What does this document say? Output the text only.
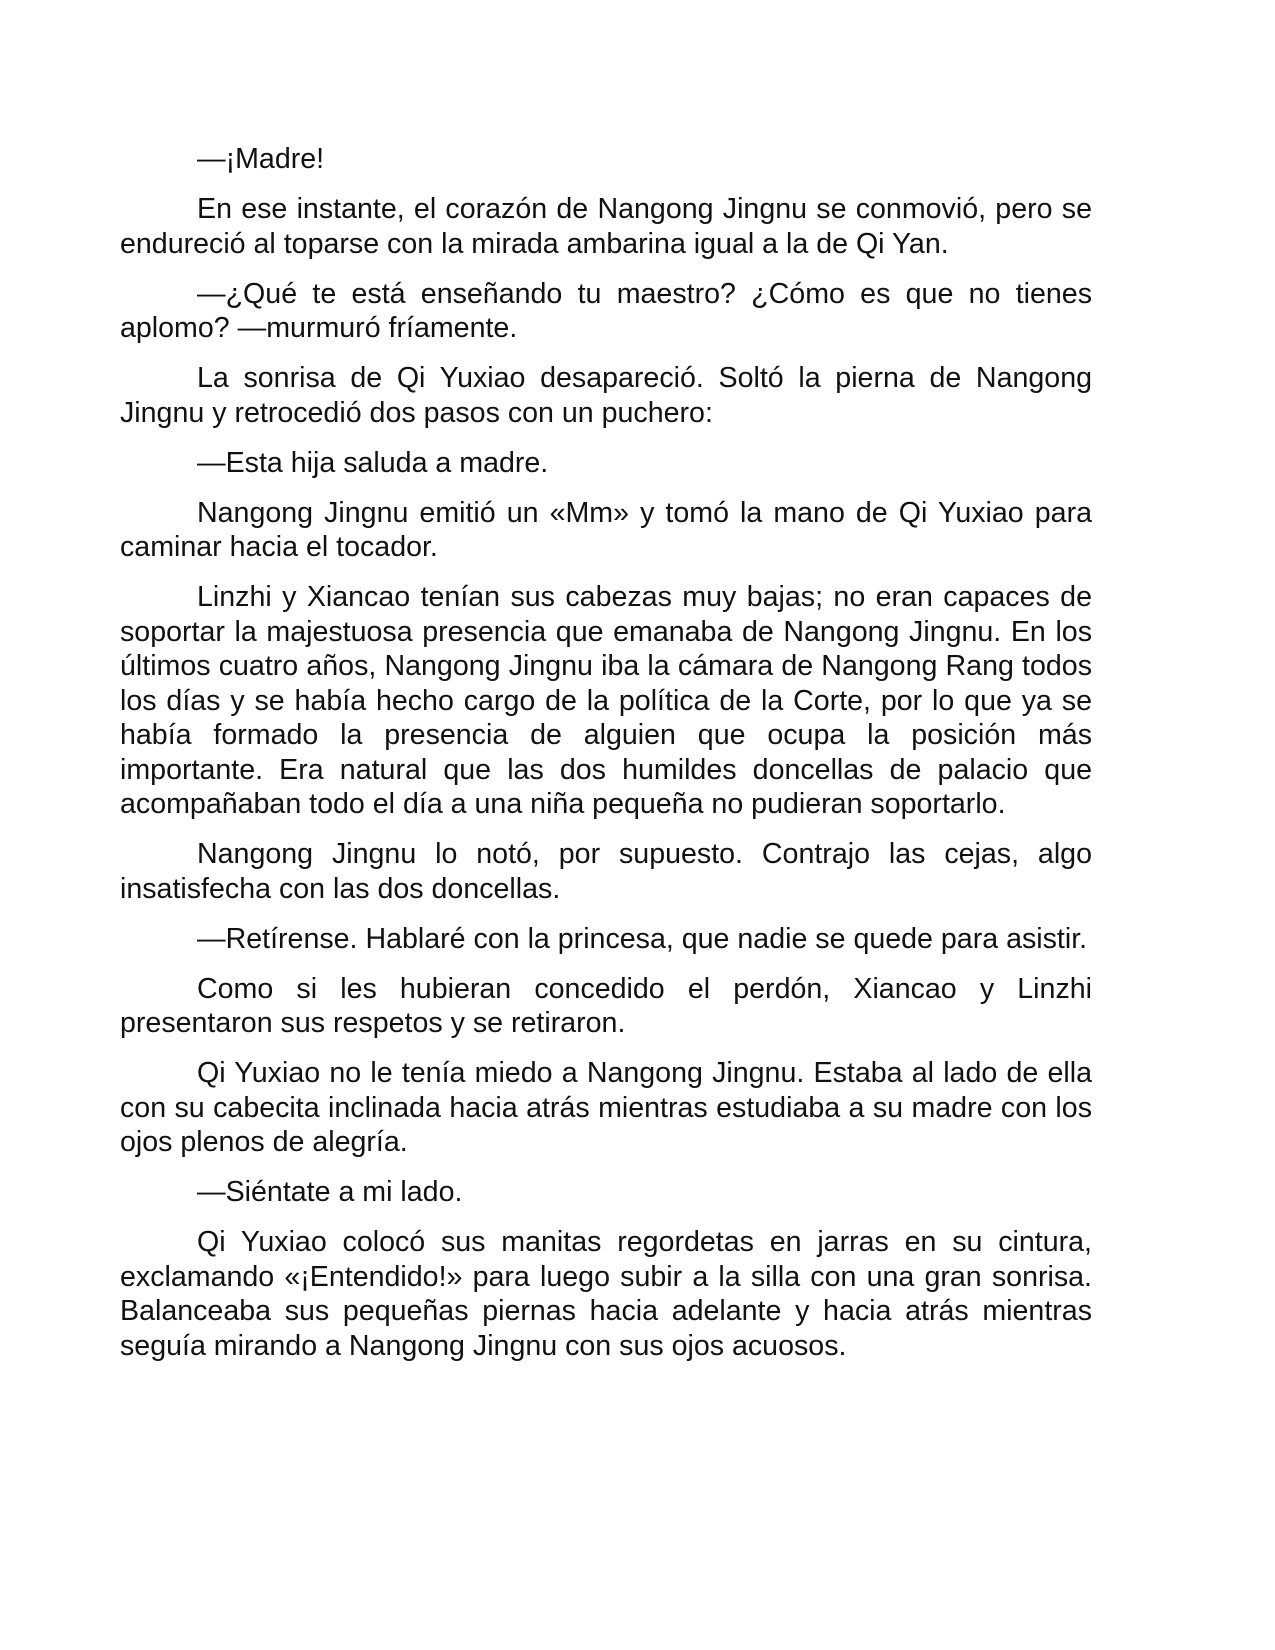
—¡Madre!

En ese instante, el corazón de Nangong Jingnu se conmovió, pero se endureció al toparse con la mirada ambarina igual a la de Qi Yan.

—¿Qué te está enseñando tu maestro? ¿Cómo es que no tienes aplomo? —murmuró fríamente.

La sonrisa de Qi Yuxiao desapareció. Soltó la pierna de Nangong Jingnu y retrocedió dos pasos con un puchero:

—Esta hija saluda a madre.

Nangong Jingnu emitió un «Mm» y tomó la mano de Qi Yuxiao para caminar hacia el tocador.

Linzhi y Xiancao tenían sus cabezas muy bajas; no eran capaces de soportar la majestuosa presencia que emanaba de Nangong Jingnu. En los últimos cuatro años, Nangong Jingnu iba la cámara de Nangong Rang todos los días y se había hecho cargo de la política de la Corte, por lo que ya se había formado la presencia de alguien que ocupa la posición más importante. Era natural que las dos humildes doncellas de palacio que acompañaban todo el día a una niña pequeña no pudieran soportarlo.

Nangong Jingnu lo notó, por supuesto. Contrajo las cejas, algo insatisfecha con las dos doncellas.

—Retírense. Hablaré con la princesa, que nadie se quede para asistir.

Como si les hubieran concedido el perdón, Xiancao y Linzhi presentaron sus respetos y se retiraron.

Qi Yuxiao no le tenía miedo a Nangong Jingnu. Estaba al lado de ella con su cabecita inclinada hacia atrás mientras estudiaba a su madre con los ojos plenos de alegría.

—Siéntate a mi lado.

Qi Yuxiao colocó sus manitas regordetas en jarras en su cintura, exclamando «¡Entendido!» para luego subir a la silla con una gran sonrisa. Balanceaba sus pequeñas piernas hacia adelante y hacia atrás mientras seguía mirando a Nangong Jingnu con sus ojos acuosos.
